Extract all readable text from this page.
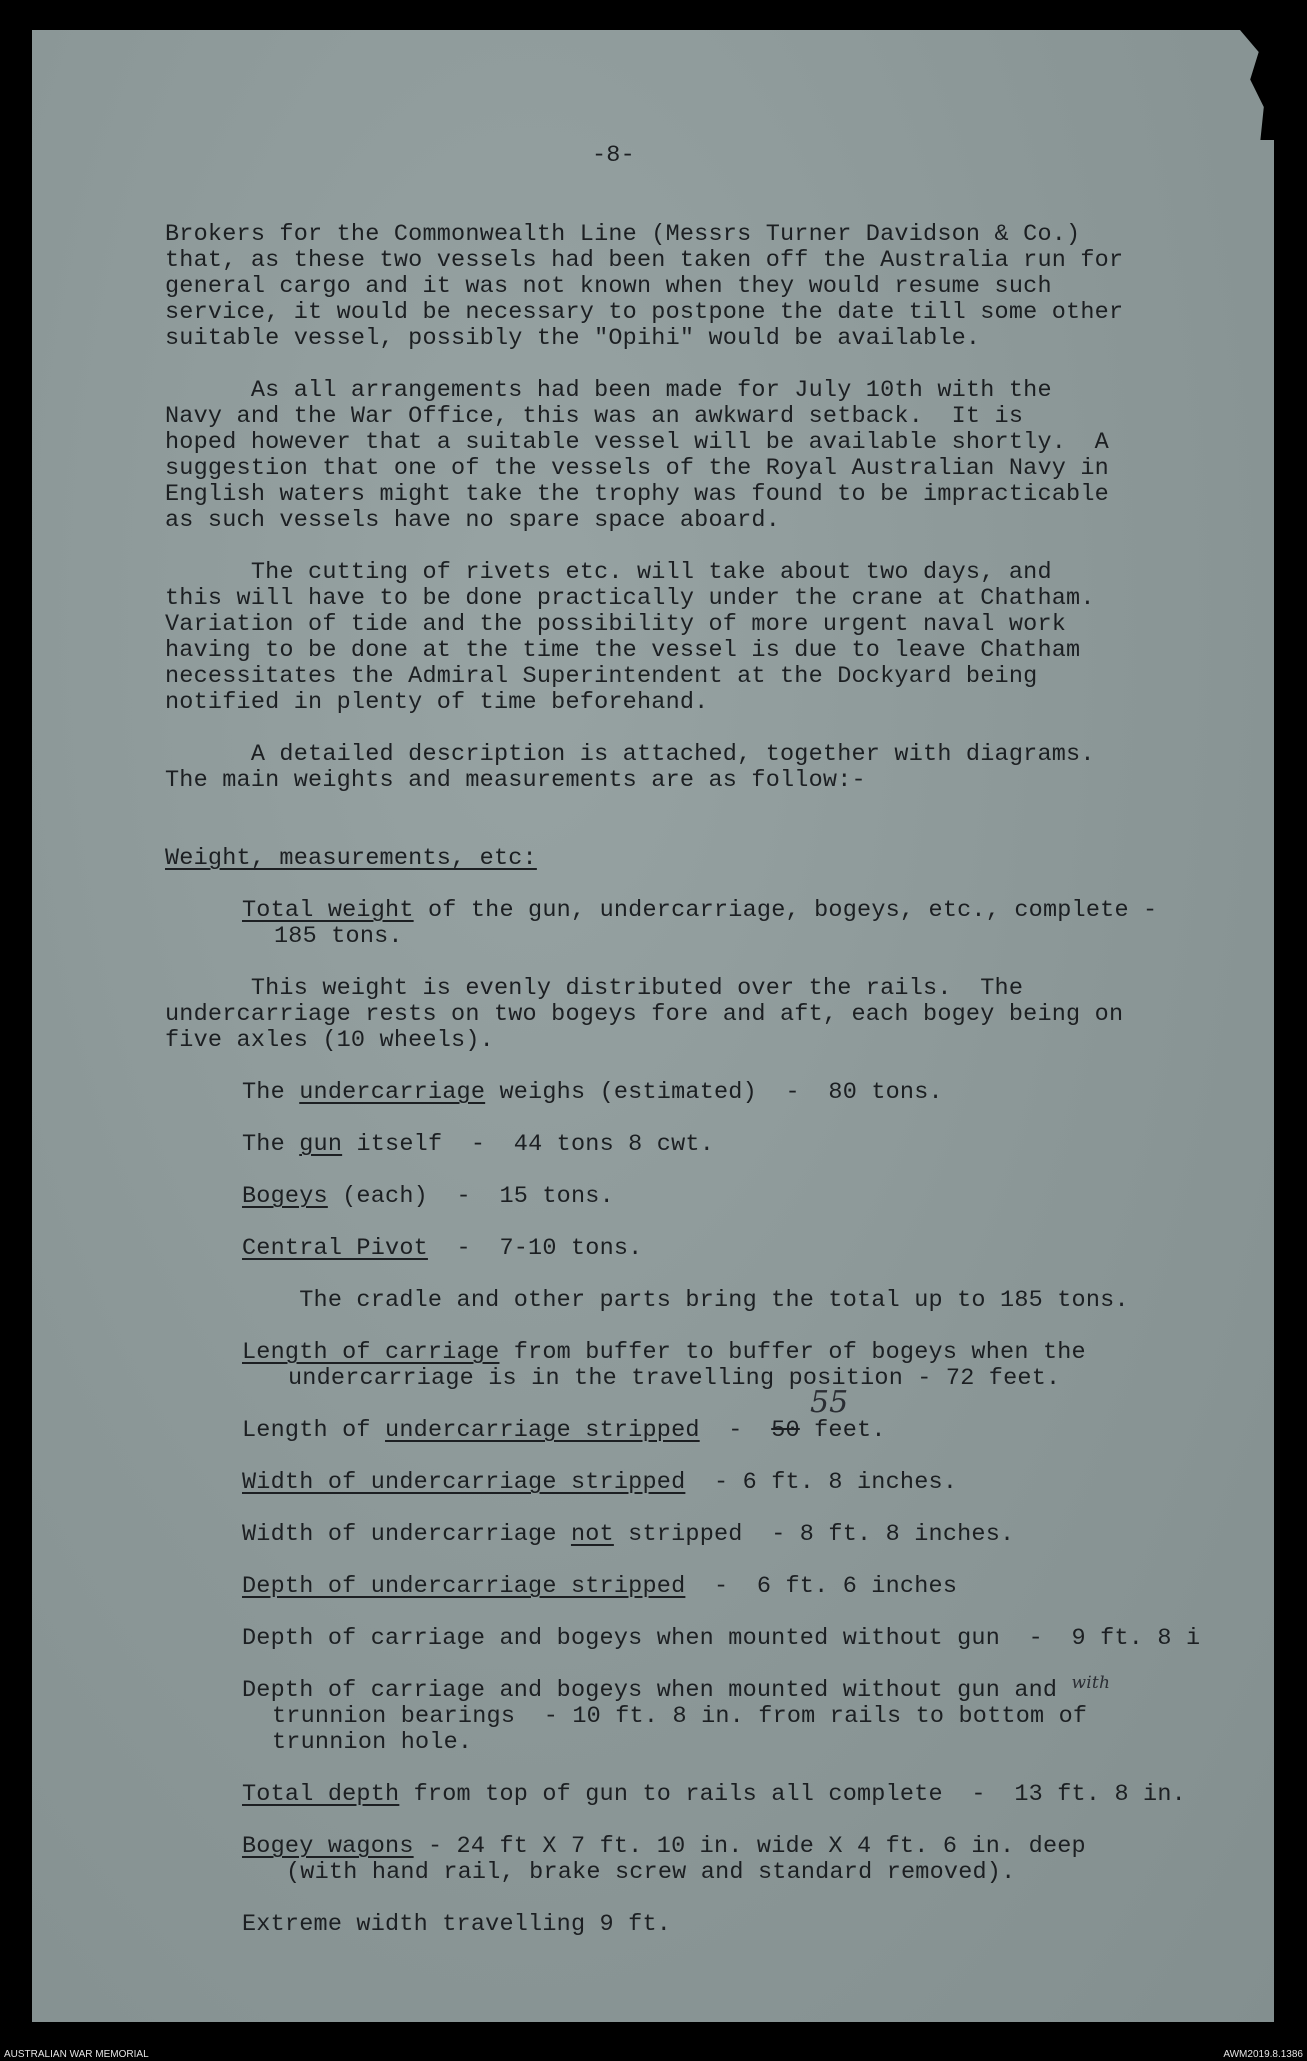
-8-
Brokers for the Commonwealth Line (Messrs Turner Davidson & Co.)
that, as these two vessels had been taken off the Australia run for
general cargo and it was not known when they would resume such
service, it would be necessary to postpone the date till some other
suitable vessel, possibly the "Opihi" would be available.
As all arrangements had been made for July 10th with the
Navy and the War Office, this was an awkward setback.  It is
hoped however that a suitable vessel will be available shortly.  A
suggestion that one of the vessels of the Royal Australian Navy in
English waters might take the trophy was found to be impracticable
as such vessels have no spare space aboard.
The cutting of rivets etc. will take about two days, and
this will have to be done practically under the crane at Chatham.
Variation of tide and the possibility of more urgent naval work
having to be done at the time the vessel is due to leave Chatham
necessitates the Admiral Superintendent at the Dockyard being
notified in plenty of time beforehand.
A detailed description is attached, together with diagrams.
The main weights and measurements are as follow:-
Weight, measurements, etc:
Total weight of the gun, undercarriage, bogeys, etc., complete -
185 tons.
This weight is evenly distributed over the rails.  The
undercarriage rests on two bogeys fore and aft, each bogey being on
five axles (10 wheels).
The undercarriage weighs (estimated)  -  80 tons.
The gun itself  -  44 tons 8 cwt.
Bogeys (each)  -  15 tons.
Central Pivot  -  7-10 tons.
The cradle and other parts bring the total up to 185 tons.
Length of carriage from buffer to buffer of bogeys when the
undercarriage is in the travelling position - 72 feet.
Length of undercarriage stripped  -  50 feet.
55
Width of undercarriage stripped  - 6 ft. 8 inches.
Width of undercarriage not stripped  - 8 ft. 8 inches.
Depth of undercarriage stripped  -  6 ft. 6 inches
Depth of carriage and bogeys when mounted without gun  -  9 ft. 8 i
Depth of carriage and bogeys when mounted without gun and $^{with}$
trunnion bearings  - 10 ft. 8 in. from rails to bottom of
trunnion hole.
Total depth from top of gun to rails all complete  -  13 ft. 8 in.
Bogey wagons - 24 ft X 7 ft. 10 in. wide X 4 ft. 6 in. deep
(with hand rail, brake screw and standard removed).
Extreme width travelling 9 ft.
AUSTRALIAN WAR MEMORIAL	AWM2019.8.1386
